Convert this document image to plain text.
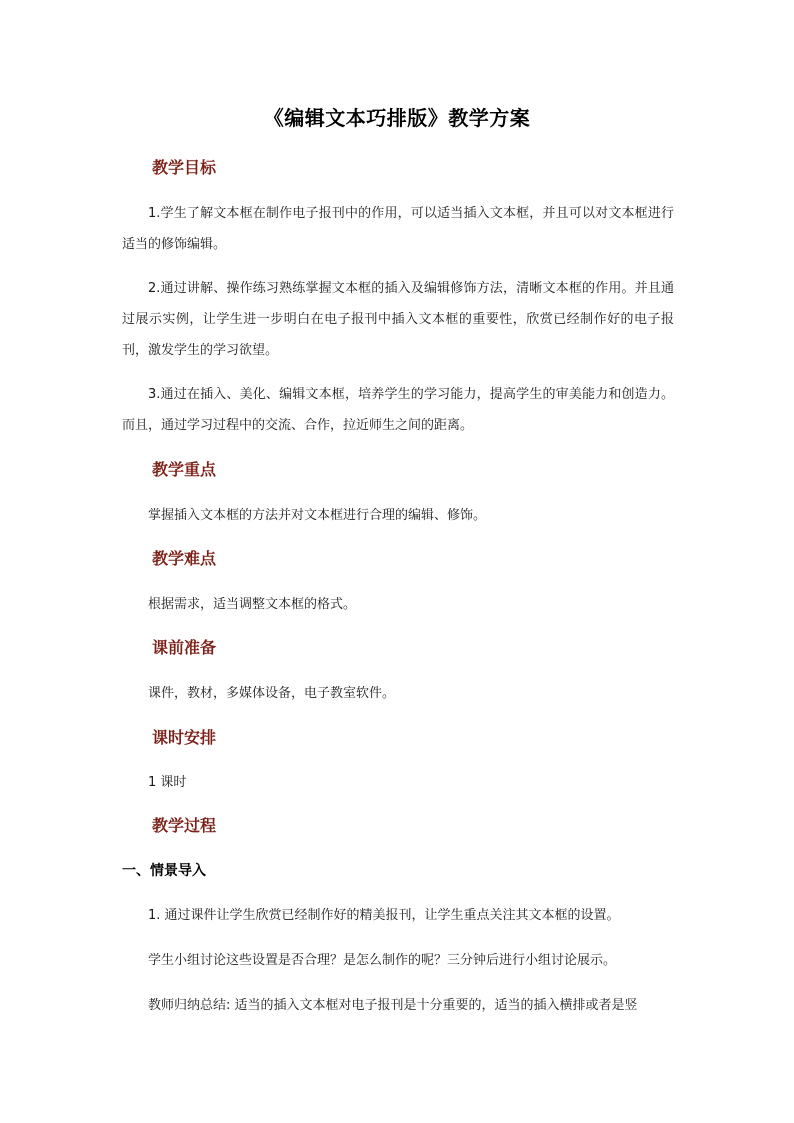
《编辑文本巧排版》教学方案
教学目标

1.学生了解文本框在制作电子报刊中的作用，可以适当插入文本框，并且可以对文本框进行适当的修饰编辑。

2.通过讲解、操作练习熟练掌握文本框的插入及编辑修饰方法，清晰文本框的作用。并且通过展示实例，让学生进一步明白在电子报刊中插入文本框的重要性，欣赏已经制作好的电子报刊，激发学生的学习欲望。

3.通过在插入、美化、编辑文本框，培养学生的学习能力，提高学生的审美能力和创造力。而且，通过学习过程中的交流、合作，拉近师生之间的距离。

教学重点
掌握插入文本框的方法并对文本框进行合理的编辑、修饰。
教学难点
根据需求，适当调整文本框的格式。
课前准备
课件，教材，多媒体设备，电子教室软件。
课时安排
1 课时
教学过程
一、情景导入
1. 通过课件让学生欣赏已经制作好的精美报刊，让学生重点关注其文本框的设置。
学生小组讨论这些设置是否合理？是怎么制作的呢？三分钟后进行小组讨论展示。
教师归纳总结: 适当的插入文本框对电子报刊是十分重要的，适当的插入横排或者是竖
